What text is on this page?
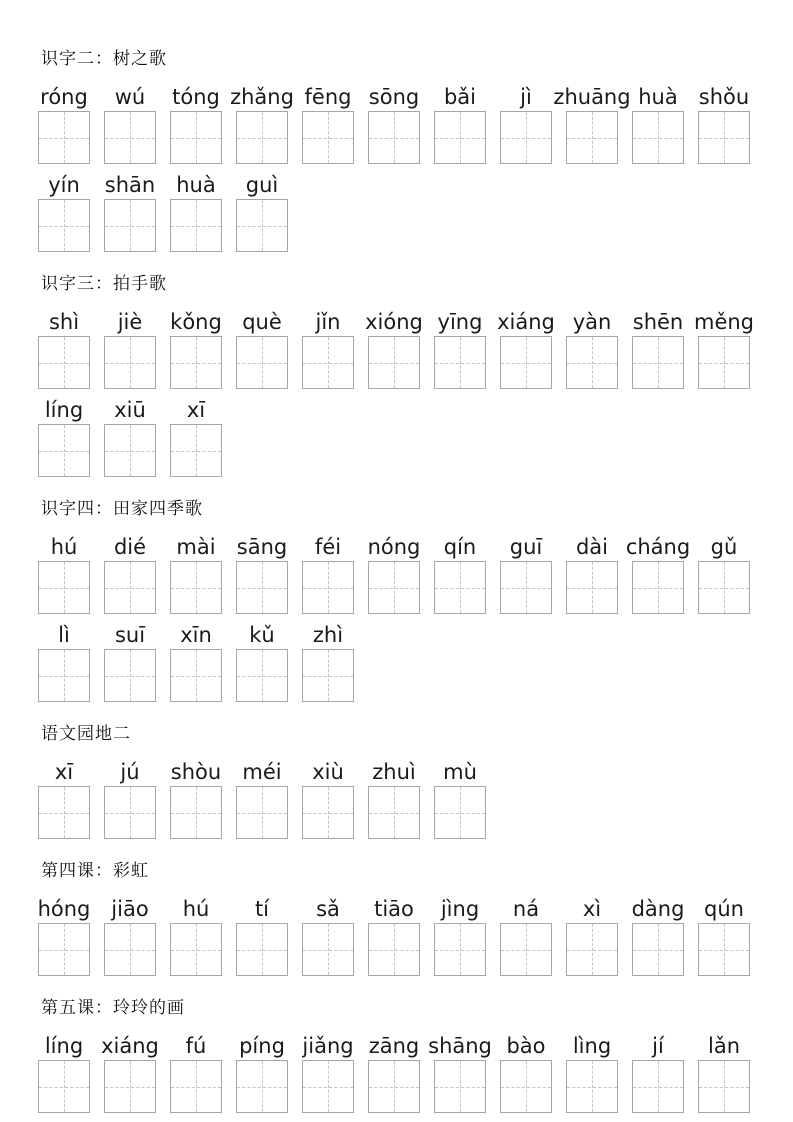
识字二：树之歌
róng wú tóng zhǎng fēng sōng bǎi jì zhuāng huà shǒu
yín shān huà guì
识字三：拍手歌
shì jiè kǒng què jǐn xióng yīng xiáng yàn shēn měng
líng xiū xī
识字四：田家四季歌
hú dié mài sāng féi nóng qín guī dài cháng gǔ
lì suī xīn kǔ zhì
语文园地二
xī jú shòu méi xiù zhuì mù
第四课：彩虹
hóng jiāo hú tí sǎ tiāo jìng ná xì dàng qún
第五课：玲玲的画
líng xiáng fú píng jiǎng zāng shāng bào lìng jí lǎn
